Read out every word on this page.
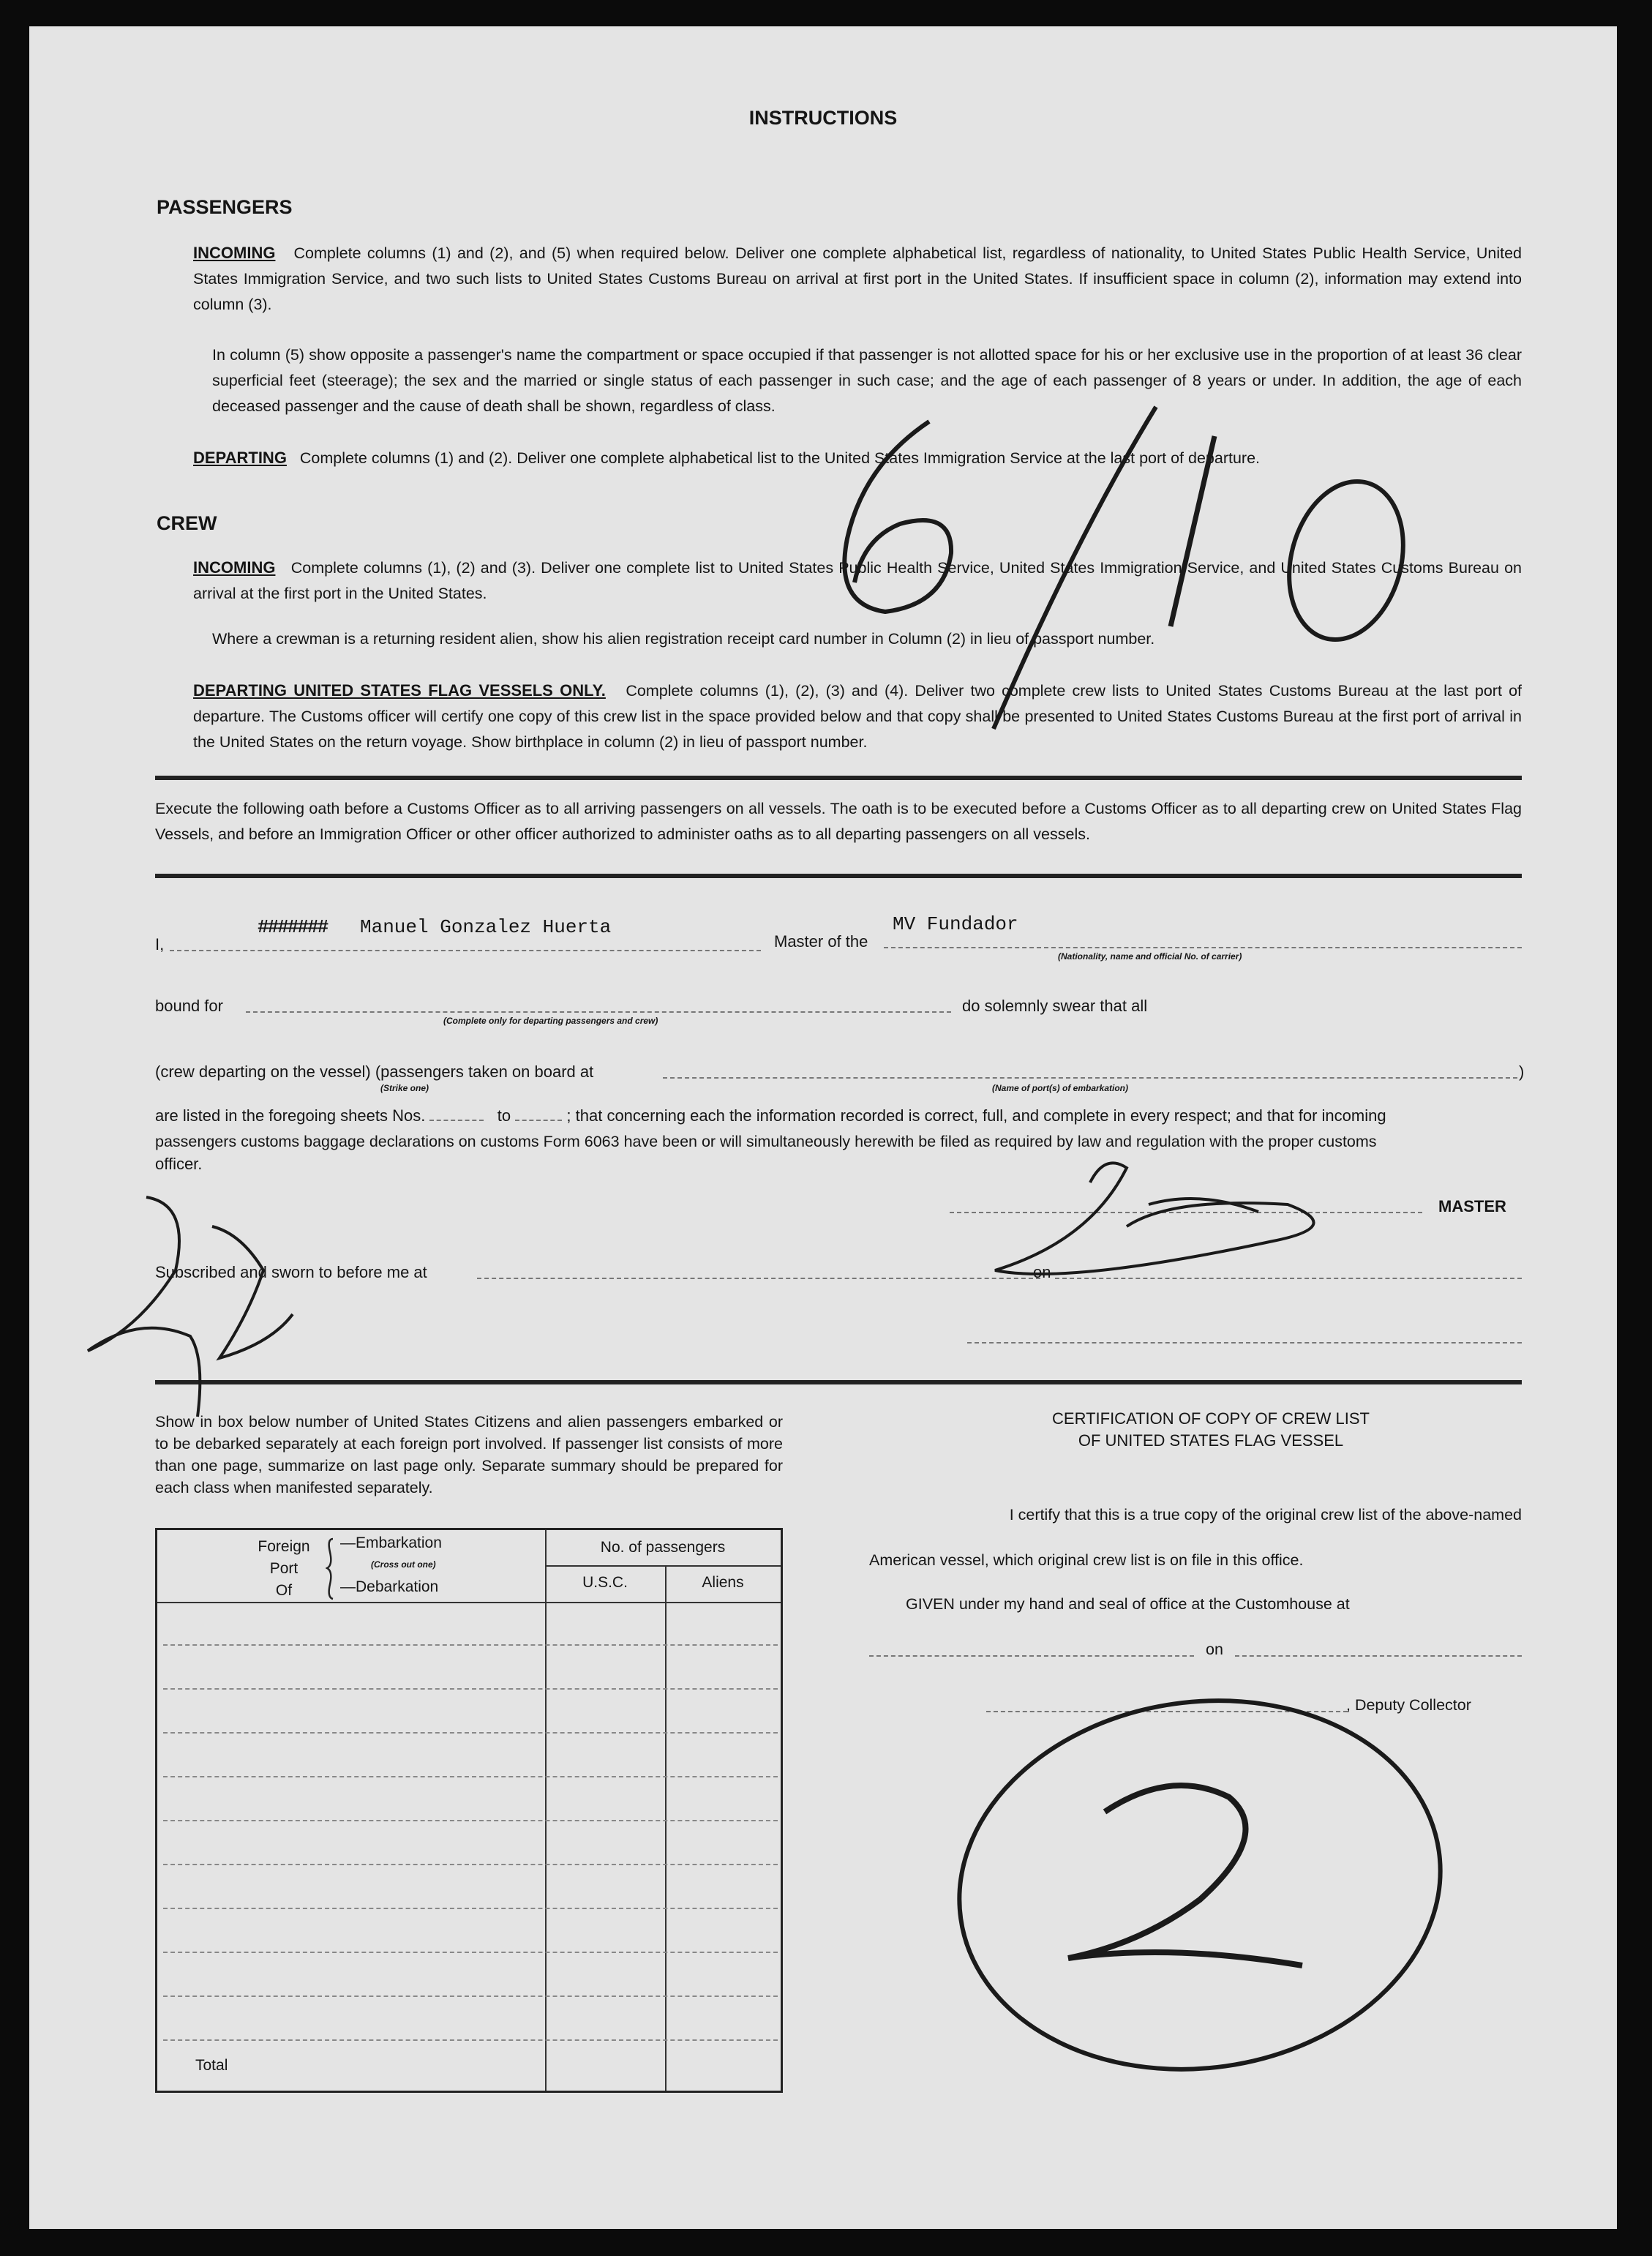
INSTRUCTIONS
PASSENGERS
INCOMING Complete columns (1) and (2), and (5) when required below. Deliver one complete alphabetical list, regardless of nationality, to United States Public Health Service, United States Immigration Service, and two such lists to United States Customs Bureau on arrival at first port in the United States. If insufficient space in column (2), information may extend into column (3).
In column (5) show opposite a passenger's name the compartment or space occupied if that passenger is not allotted space for his or her exclusive use in the proportion of at least 36 clear superficial feet (steerage); the sex and the married or single status of each passenger in such case; and the age of each passenger of 8 years or under. In addition, the age of each deceased passenger and the cause of death shall be shown, regardless of class.
DEPARTING Complete columns (1) and (2). Deliver one complete alphabetical list to the United States Immigration Service at the last port of departure.
CREW
INCOMING Complete columns (1), (2) and (3). Deliver one complete list to United States Public Health Service, United States Immigration Service, and United States Customs Bureau on arrival at the first port in the United States.
Where a crewman is a returning resident alien, show his alien registration receipt card number in Column (2) in lieu of passport number.
DEPARTING UNITED STATES FLAG VESSELS ONLY. Complete columns (1), (2), (3) and (4). Deliver two complete crew lists to United States Customs Bureau at the last port of departure. The Customs officer will certify one copy of this crew list in the space provided below and that copy shall be presented to United States Customs Bureau at the first port of arrival in the United States on the return voyage. Show birthplace in column (2) in lieu of passport number.
Execute the following oath before a Customs Officer as to all arriving passengers on all vessels. The oath is to be executed before a Customs Officer as to all departing crew on United States Flag Vessels, and before an Immigration Officer or other officer authorized to administer oaths as to all departing passengers on all vessels.
I,
####### Manuel Gonzalez Huerta
Master of the
MV Fundador
(Nationality, name and official No. of carrier)
bound for
(Complete only for departing passengers and crew)
do solemnly swear that all
(crew departing on the vessel) (passengers taken on board at	)
(Strike one)	(Name of port(s) of embarkation)
are listed in the foregoing sheets Nos.	to	; that concerning each the information recorded is correct, full, and complete in every respect; and that for incoming
passengers customs baggage declarations on customs Form 6063 have been or will simultaneously herewith be filed as required by law and regulation with the proper customs
officer.
MASTER
Subscribed and sworn to before me at	on
Show in box below number of United States Citizens and alien passengers embarked or to be debarked separately at each foreign port involved. If passenger list consists of more than one page, summarize on last page only. Separate summary should be prepared for each class when manifested separately.
Foreign
Port
Of
—Embarkation
(Cross out one)
—Debarkation
No. of passengers
U.S.C.	Aliens
Total
CERTIFICATION OF COPY OF CREW LIST
OF UNITED STATES FLAG VESSEL
I certify that this is a true copy of the original crew list of the above-named
American vessel, which original crew list is on file in this office.
GIVEN under my hand and seal of office at the Customhouse at
on
, Deputy Collector
